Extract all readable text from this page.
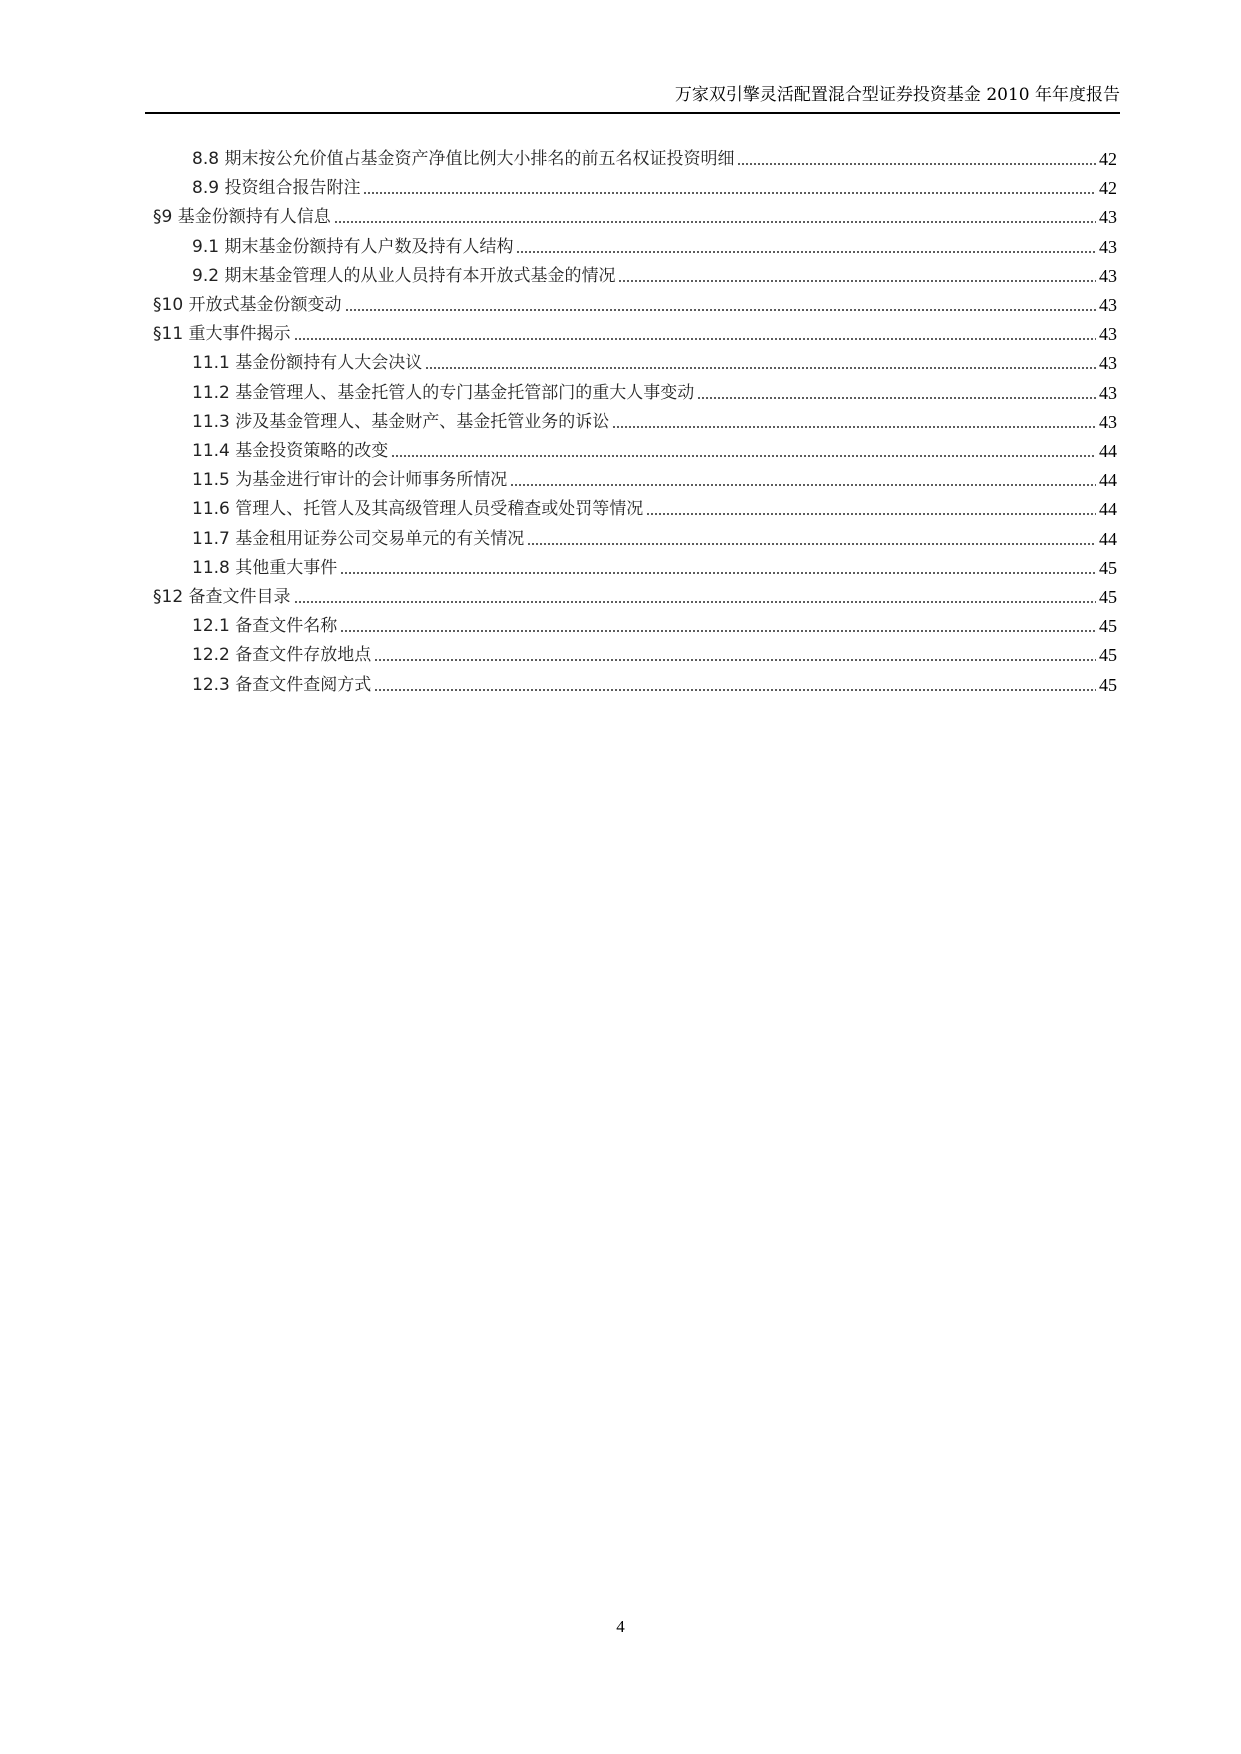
万家双引擎灵活配置混合型证券投资基金 2010 年年度报告
8.8 期末按公允价值占基金资产净值比例大小排名的前五名权证投资明细	42
8.9 投资组合报告附注	42
§9 基金份额持有人信息	43
9.1 期末基金份额持有人户数及持有人结构	43
9.2 期末基金管理人的从业人员持有本开放式基金的情况	43
§10 开放式基金份额变动	43
§11 重大事件揭示	43
11.1 基金份额持有人大会决议	43
11.2 基金管理人、基金托管人的专门基金托管部门的重大人事变动	43
11.3 涉及基金管理人、基金财产、基金托管业务的诉讼	43
11.4 基金投资策略的改变	44
11.5 为基金进行审计的会计师事务所情况	44
11.6 管理人、托管人及其高级管理人员受稽查或处罚等情况	44
11.7 基金租用证券公司交易单元的有关情况	44
11.8 其他重大事件	45
§12 备查文件目录	45
12.1 备查文件名称	45
12.2 备查文件存放地点	45
12.3 备查文件查阅方式	45
4
